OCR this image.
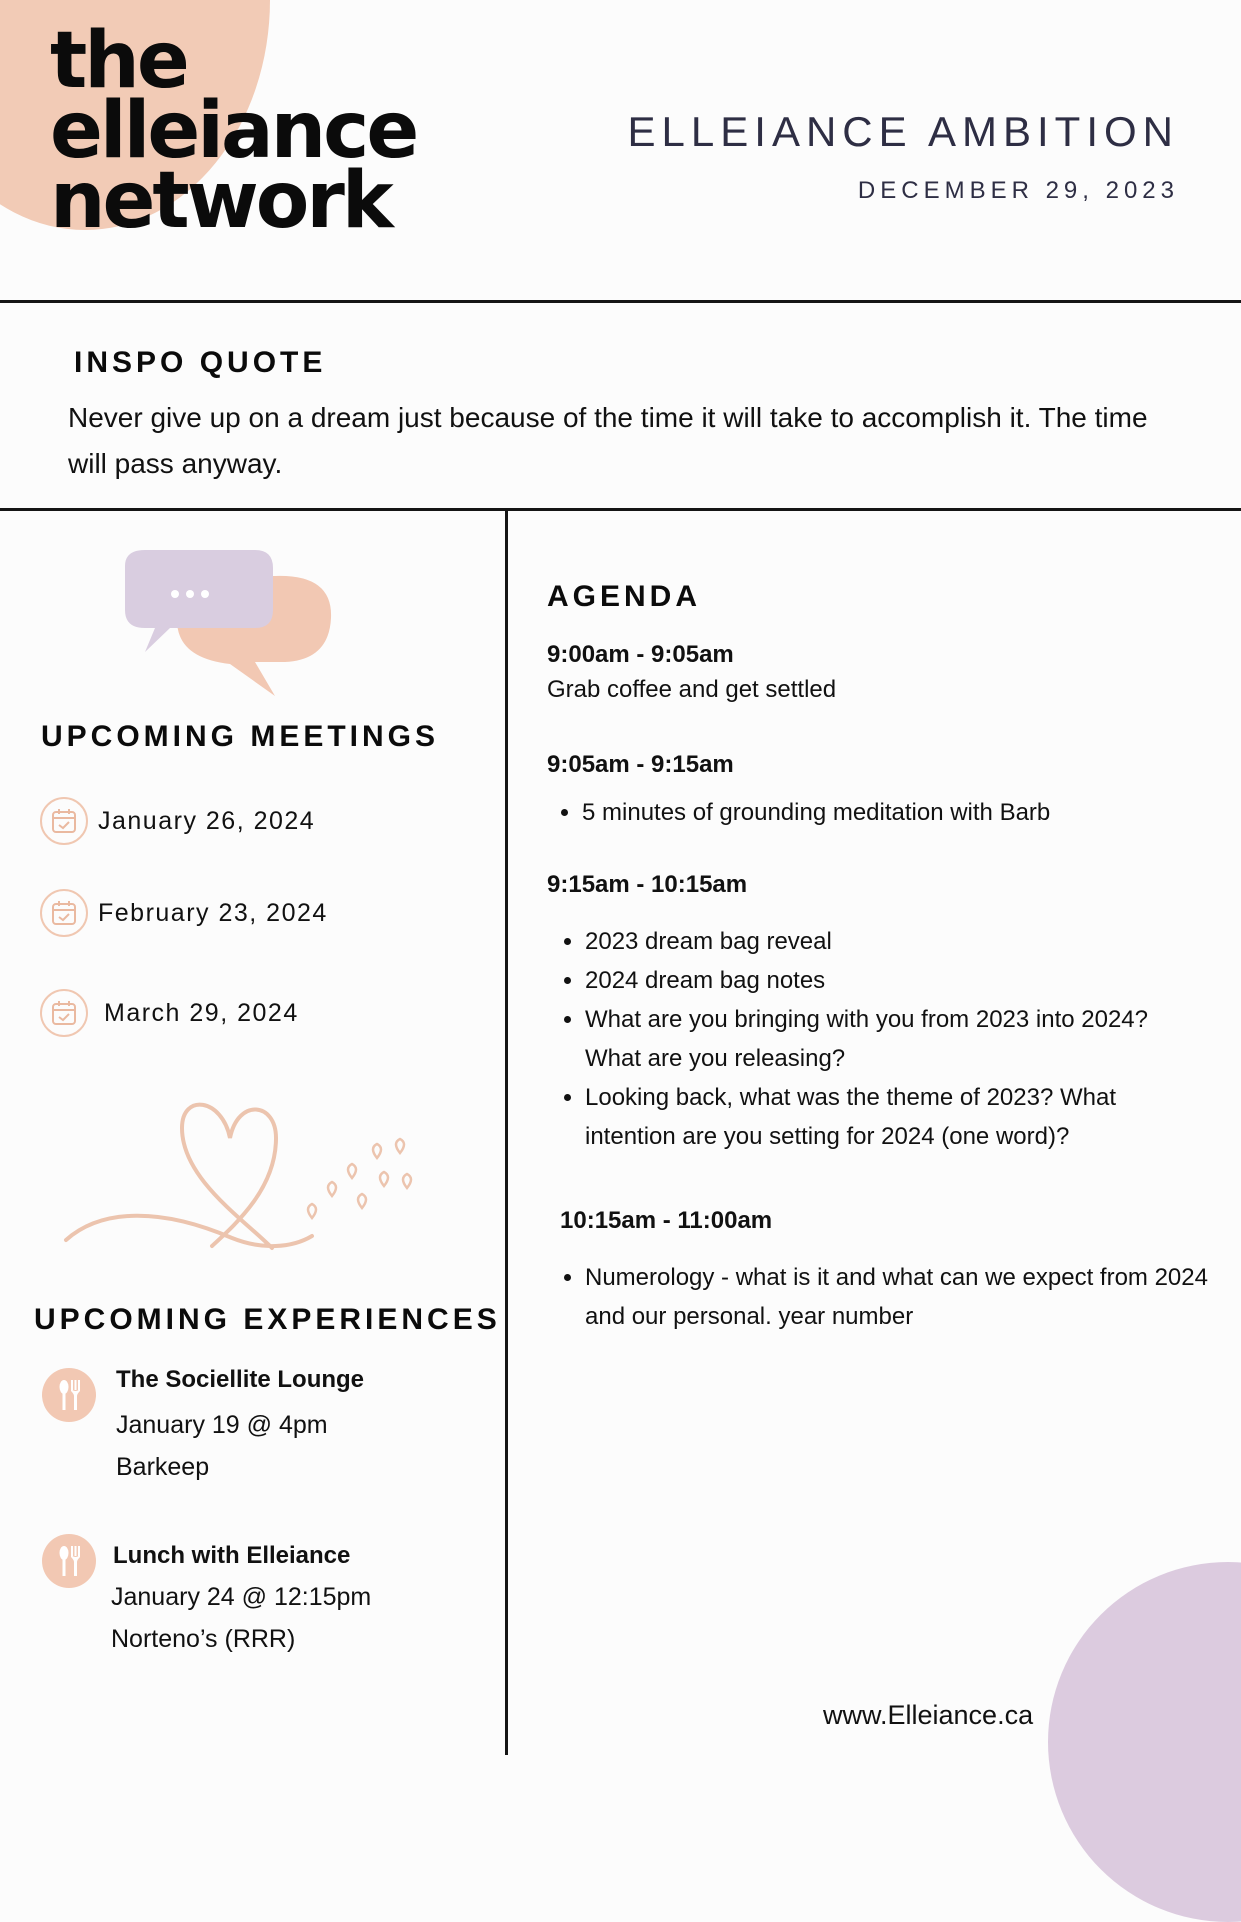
the
elleiance
network
ELLEIANCE AMBITION
DECEMBER 29, 2023
INSPO QUOTE
Never give up on a dream just because of the time it will take to accomplish it. The time will pass anyway.
UPCOMING MEETINGS
January 26, 2024
February 23, 2024
March 29, 2024
UPCOMING EXPERIENCES
The Sociellite Lounge
January 19 @ 4pm
Barkeep
Lunch with Elleiance
January 24 @ 12:15pm
Norteno’s (RRR)
AGENDA
9:00am - 9:05am
Grab coffee and get settled
9:05am - 9:15am
• 5 minutes of grounding meditation with Barb
9:15am - 10:15am
• 2023 dream bag reveal
• 2024 dream bag notes
• What are you bringing with you from 2023 into 2024? What are you releasing?
• Looking back, what was the theme of 2023? What intention are you setting for 2024 (one word)?
10:15am - 11:00am
• Numerology - what is it and what can we expect from 2024 and our personal. year number
www.Elleiance.ca
